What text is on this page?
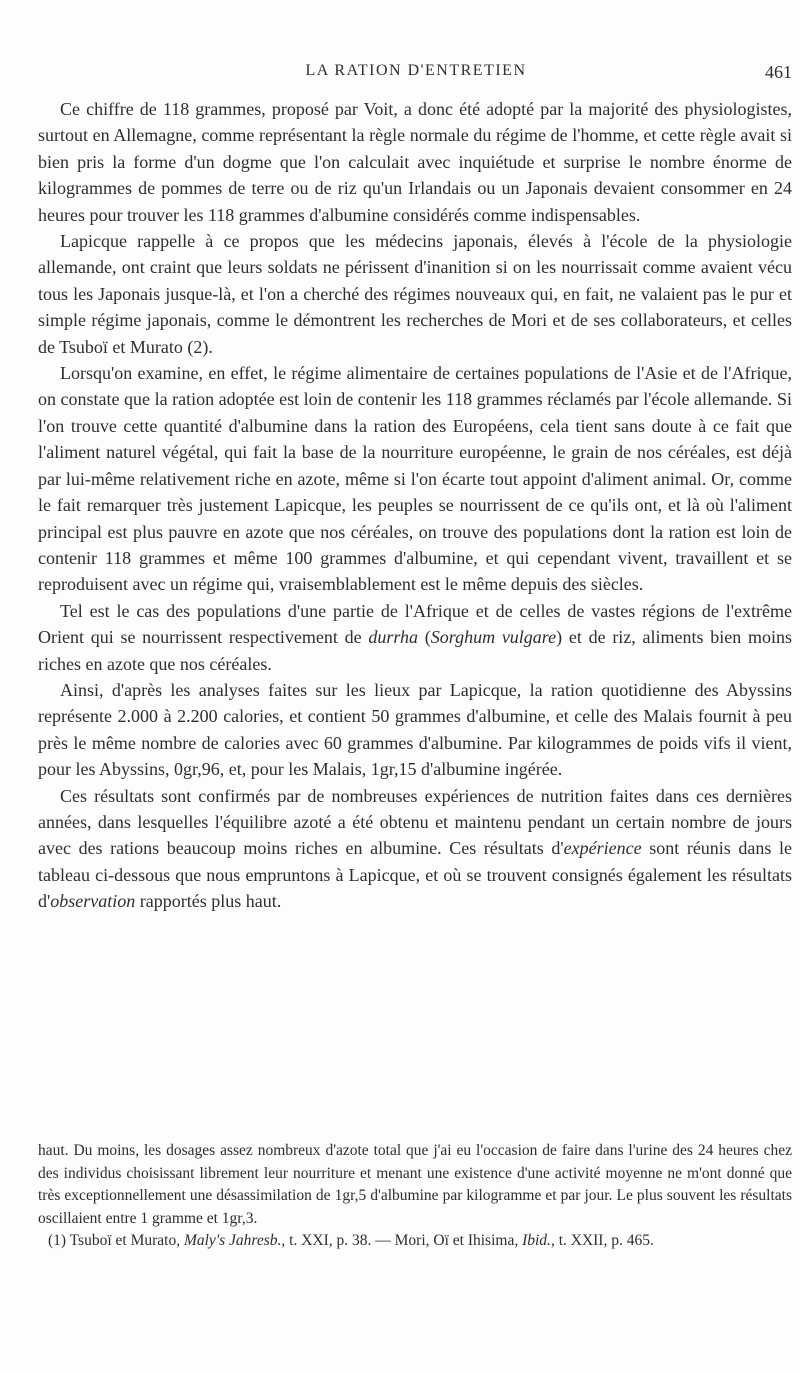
LA RATION D'ENTRETIEN	461

Ce chiffre de 118 grammes, proposé par Voit, a donc été adopté par la majorité des physiologistes, surtout en Allemagne, comme représentant la règle normale du régime de l'homme, et cette règle avait si bien pris la forme d'un dogme que l'on calculait avec inquiétude et surprise le nombre énorme de kilogrammes de pommes de terre ou de riz qu'un Irlandais ou un Japonais devaient consommer en 24 heures pour trouver les 118 grammes d'albumine considérés comme indispensables.

Lapicque rappelle à ce propos que les médecins japonais, élevés à l'école de la physiologie allemande, ont craint que leurs soldats ne périssent d'inanition si on les nourrissait comme avaient vécu tous les Japonais jusque-là, et l'on a cherché des régimes nouveaux qui, en fait, ne valaient pas le pur et simple régime japonais, comme le démontrent les recherches de Mori et de ses collaborateurs, et celles de Tsuboï et Murato (2).

Lorsqu'on examine, en effet, le régime alimentaire de certaines populations de l'Asie et de l'Afrique, on constate que la ration adoptée est loin de contenir les 118 grammes réclamés par l'école allemande. Si l'on trouve cette quantité d'albumine dans la ration des Européens, cela tient sans doute à ce fait que l'aliment naturel végétal, qui fait la base de la nourriture européenne, le grain de nos céréales, est déjà par lui-même relativement riche en azote, même si l'on écarte tout appoint d'aliment animal. Or, comme le fait remarquer très justement Lapicque, les peuples se nourrissent de ce qu'ils ont, et là où l'aliment principal est plus pauvre en azote que nos céréales, on trouve des populations dont la ration est loin de contenir 118 grammes et même 100 grammes d'albumine, et qui cependant vivent, travaillent et se reproduisent avec un régime qui, vraisemblablement est le même depuis des siècles.

Tel est le cas des populations d'une partie de l'Afrique et de celles de vastes régions de l'extrême Orient qui se nourrissent respectivement de durrha (Sorghum vulgare) et de riz, aliments bien moins riches en azote que nos céréales.

Ainsi, d'après les analyses faites sur les lieux par Lapicque, la ration quotidienne des Abyssins représente 2.000 à 2.200 calories, et contient 50 grammes d'albumine, et celle des Malais fournit à peu près le même nombre de calories avec 60 grammes d'albumine. Par kilogrammes de poids vifs il vient, pour les Abyssins, 0gr,96, et, pour les Malais, 1gr,15 d'albumine ingérée.

Ces résultats sont confirmés par de nombreuses expériences de nutrition faites dans ces dernières années, dans lesquelles l'équilibre azoté a été obtenu et maintenu pendant un certain nombre de jours avec des rations beaucoup moins riches en albumine. Ces résultats d'expérience sont réunis dans le tableau ci-dessous que nous empruntons à Lapicque, et où se trouvent consignés également les résultats d'observation rapportés plus haut.

haut. Du moins, les dosages assez nombreux d'azote total que j'ai eu l'occasion de faire dans l'urine des 24 heures chez des individus choisissant librement leur nourriture et menant une existence d'une activité moyenne ne m'ont donné que très exceptionnellement une désassimilation de 1gr,5 d'albumine par kilogramme et par jour. Le plus souvent les résultats oscillaient entre 1 gramme et 1gr,3.

(1) Tsuboï et Murato, Maly's Jahresb., t. XXI, p. 38. — Mori, Oï et Ihisima, Ibid., t. XXII, p. 465.
